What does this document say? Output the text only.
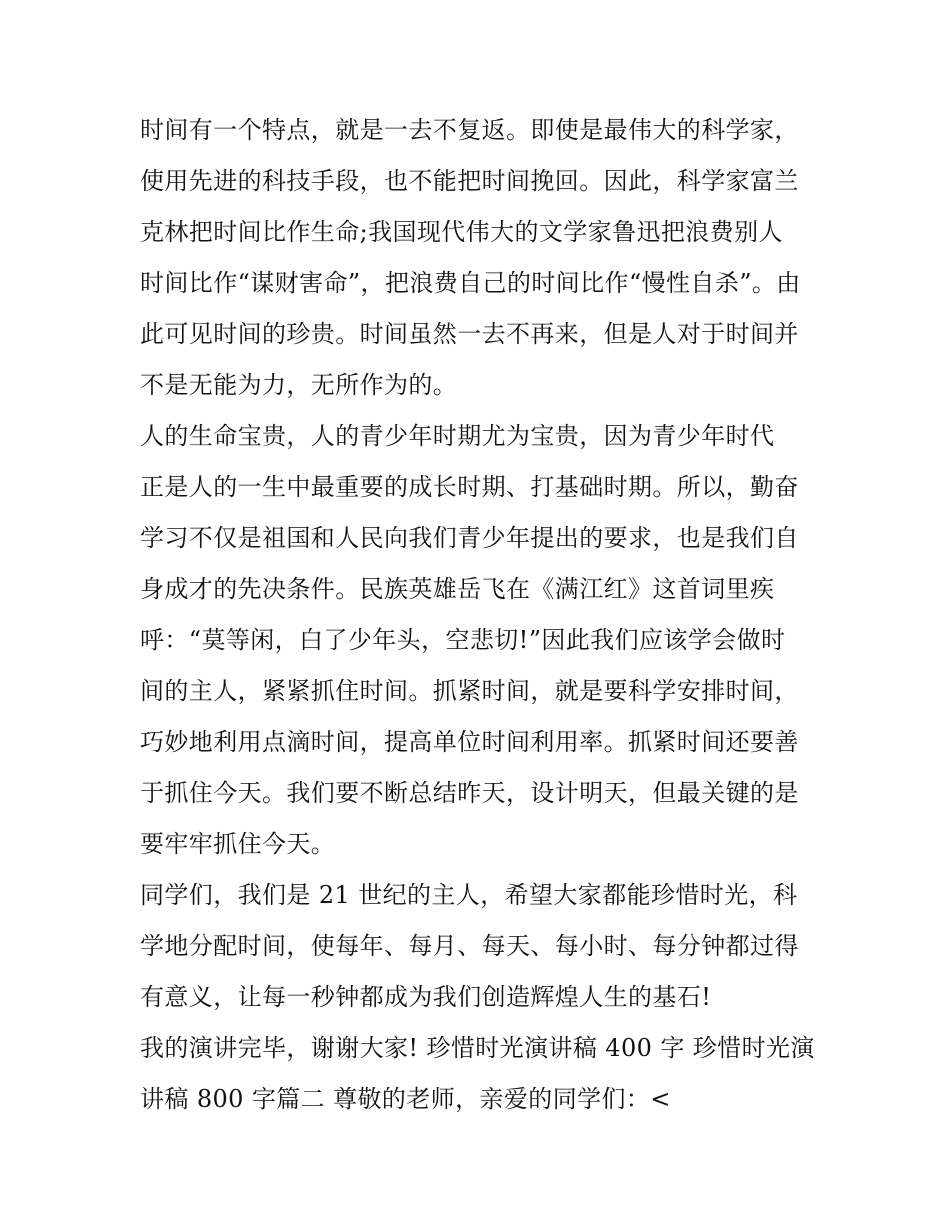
时间有一个特点，就是一去不复返。即使是最伟大的科学家，
使用先进的科技手段，也不能把时间挽回。因此，科学家富兰
克林把时间比作生命;我国现代伟大的文学家鲁迅把浪费别人
时间比作“谋财害命”，把浪费自己的时间比作“慢性自杀”。由
此可见时间的珍贵。时间虽然一去不再来，但是人对于时间并
不是无能为力，无所作为的。
人的生命宝贵，人的青少年时期尤为宝贵，因为青少年时代
正是人的一生中最重要的成长时期、打基础时期。所以，勤奋
学习不仅是祖国和人民向我们青少年提出的要求，也是我们自
身成才的先决条件。民族英雄岳飞在《满江红》这首词里疾
呼：“莫等闲，白了少年头，空悲切!”因此我们应该学会做时
间的主人，紧紧抓住时间。抓紧时间，就是要科学安排时间，
巧妙地利用点滴时间，提高单位时间利用率。抓紧时间还要善
于抓住今天。我们要不断总结昨天，设计明天，但最关键的是
要牢牢抓住今天。
同学们，我们是 21 世纪的主人，希望大家都能珍惜时光，科
学地分配时间，使每年、每月、每天、每小时、每分钟都过得
有意义，让每一秒钟都成为我们创造辉煌人生的基石!
我的演讲完毕，谢谢大家! 珍惜时光演讲稿 400 字 珍惜时光演
讲稿 800 字篇二 尊敬的老师，亲爱的同学们：<
